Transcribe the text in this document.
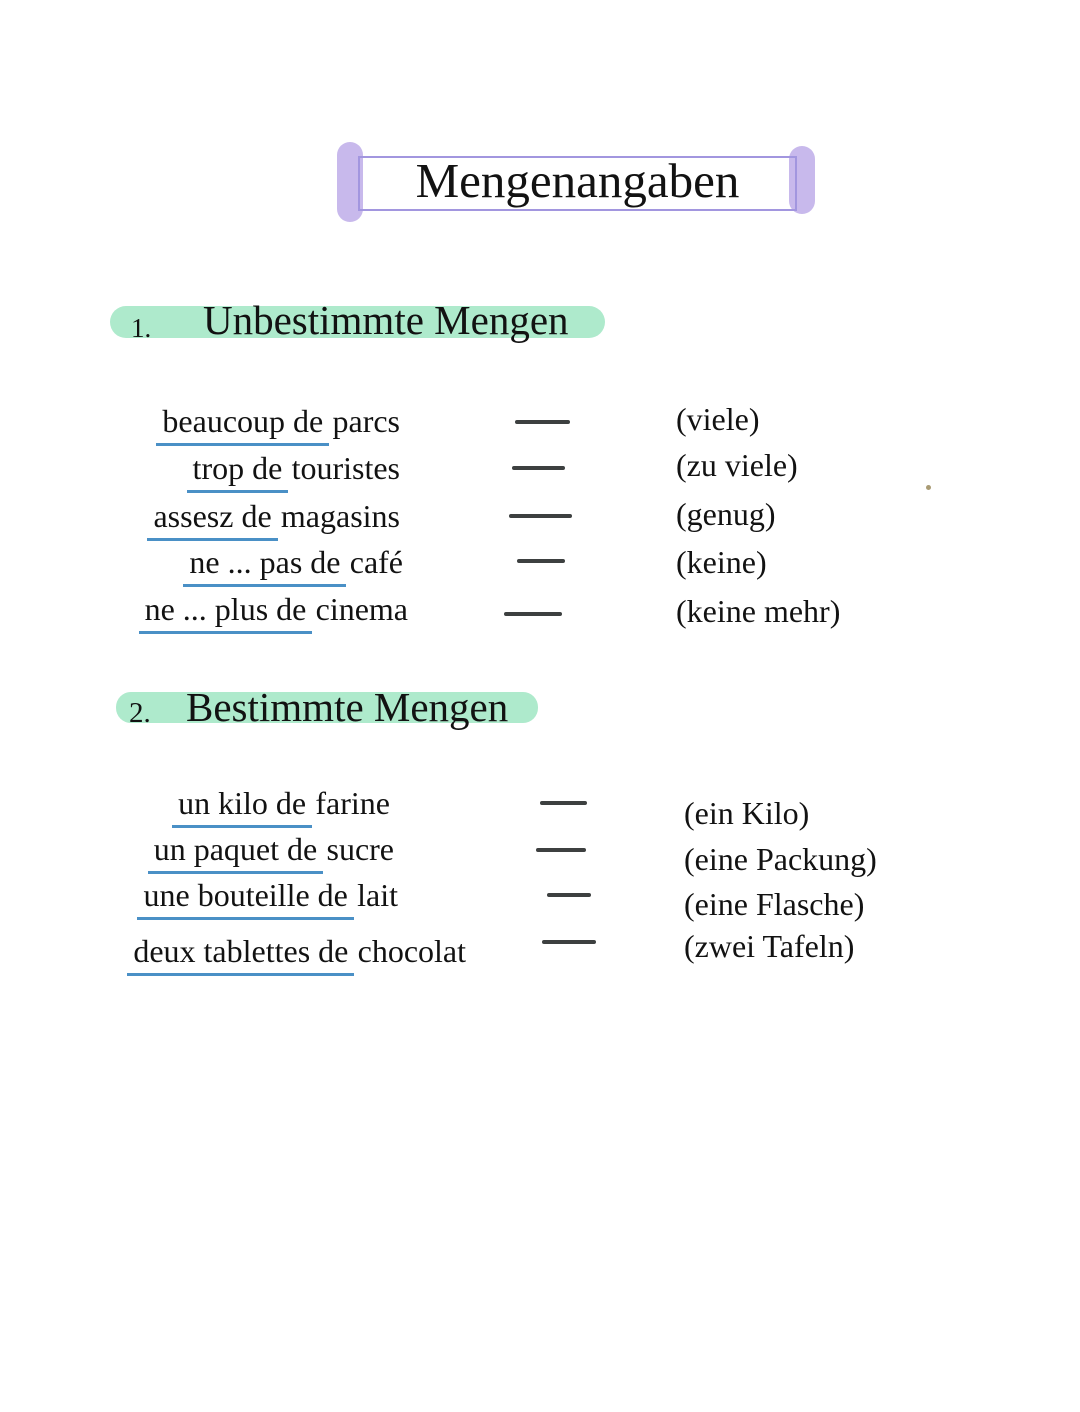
Mengenangaben
1. Unbestimmte Mengen
beaucoup de parcs	(viele)
trop de touristes	(zu viele)
assesz de magasins	(genug)
ne ... pas de café	(keine)
ne ... plus de cinema	(keine mehr)
2. Bestimmte Mengen
un kilo de farine	(ein Kilo)
un paquet de sucre	(eine Packung)
une bouteille de lait	(eine Flasche)
deux tablettes de chocolat	(zwei Tafeln)
